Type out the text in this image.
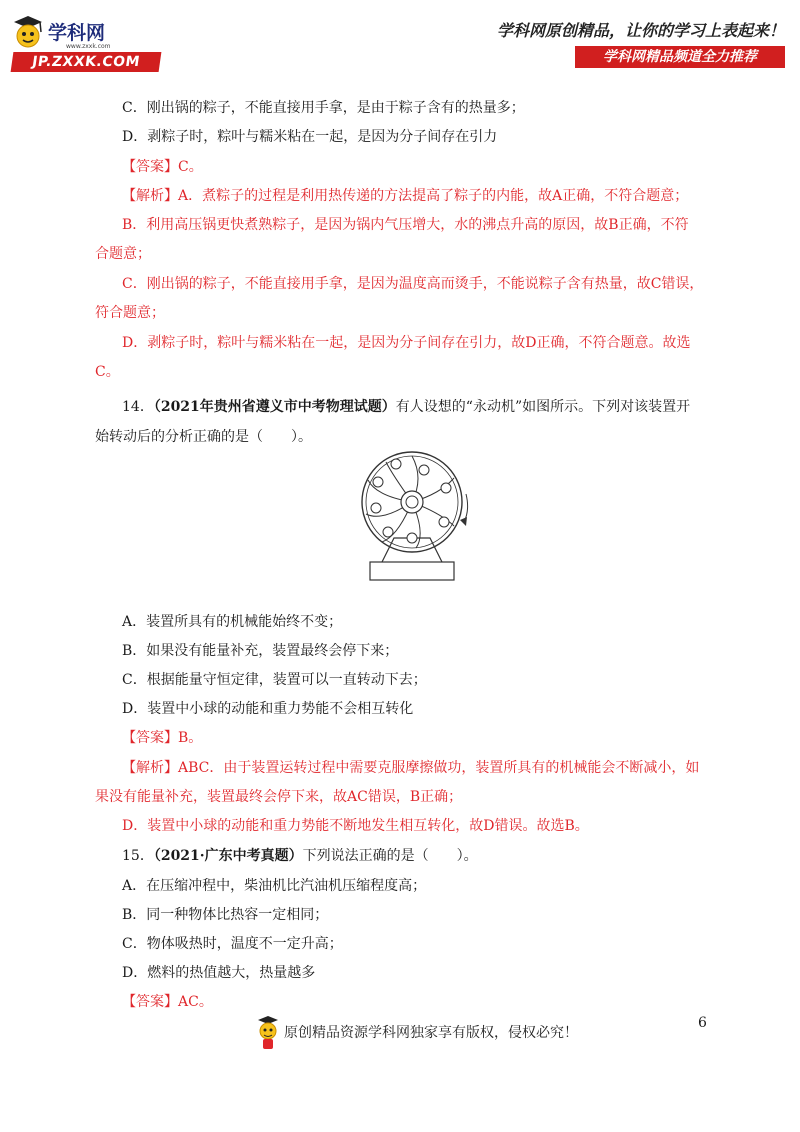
学科网
www.zxxk.com
JP.ZXXK.COM
学科网原创精品，让你的学习上表起来！
学科网精品频道全力推荐
C．刚出锅的粽子，不能直接用手拿，是由于粽子含有的热量多；
D．剥粽子时，粽叶与糯米粘在一起，是因为分子间存在引力
【答案】C。
【解析】A．煮粽子的过程是利用热传递的方法提高了粽子的内能，故A正确，不符合题意；
B．利用高压锅更快煮熟粽子，是因为锅内气压增大，水的沸点升高的原因，故B正确，不符
合题意；
C．刚出锅的粽子，不能直接用手拿，是因为温度高而烫手，不能说粽子含有热量，故C错误，
符合题意；
D．剥粽子时，粽叶与糯米粘在一起，是因为分子间存在引力，故D正确，不符合题意。故选
C。
14．（2021年贵州省遵义市中考物理试题）有人设想的“永动机”如图所示。下列对该装置开
始转动后的分析正确的是（　　）。
A．装置所具有的机械能始终不变；
B．如果没有能量补充，装置最终会停下来；
C．根据能量守恒定律，装置可以一直转动下去；
D．装置中小球的动能和重力势能不会相互转化
【答案】B。
【解析】ABC．由于装置运转过程中需要克服摩擦做功，装置所具有的机械能会不断减小，如
果没有能量补充，装置最终会停下来，故AC错误，B正确；
D．装置中小球的动能和重力势能不断地发生相互转化，故D错误。故选B。
15．（2021·广东中考真题）下列说法正确的是（　　）。
A．在压缩冲程中，柴油机比汽油机压缩程度高；
B．同一种物体比热容一定相同；
C．物体吸热时，温度不一定升高；
D．燃料的热值越大，热量越多
【答案】AC。
6
原创精品资源学科网独家享有版权，侵权必究！
